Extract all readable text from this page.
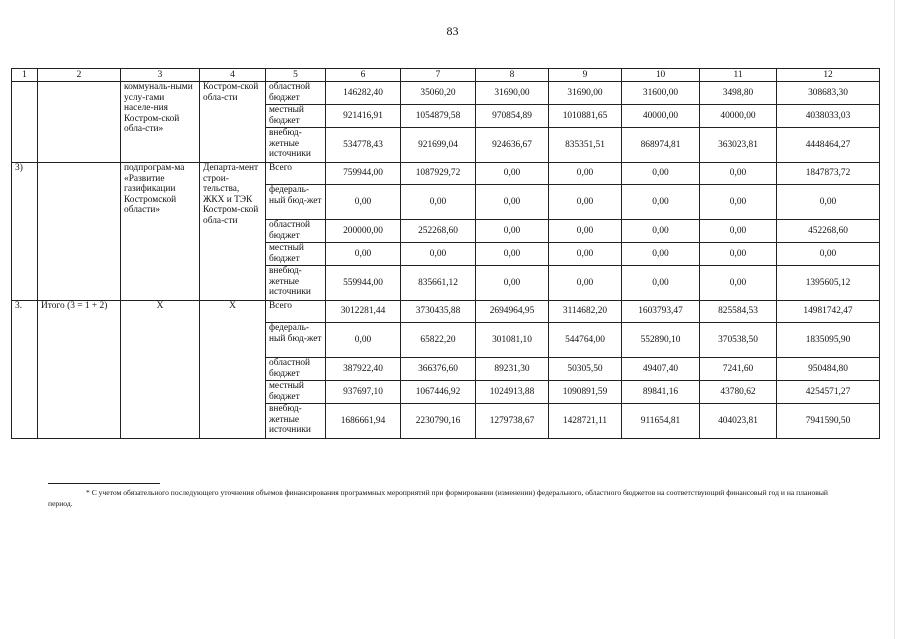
83
1	2	3	4	5	6	7	8	9	10	11	12
		коммуналь-ными услу-гами населе-ния Костром-ской обла-сти»	Костром-ской обла-сти	областной бюджет	146282,40	35060,20	31690,00	31690,00	31600,00	3498,80	308683,30
				местный бюджет	921416,91	1054879,58	970854,89	1010881,65	40000,00	40000,00	4038033,03
				внебюд-жетные источники	534778,43	921699,04	924636,67	835351,51	868974,81	363023,81	4448464,27
3)		подпрограм-ма «Развитие газификации Костромской области»	Департа-мент строи-тельства, ЖКХ и ТЭК Костром-ской обла-сти	Всего	759944,00	1087929,72	0,00	0,00	0,00	0,00	1847873,72
				федераль-ный бюд-жет	0,00	0,00	0,00	0,00	0,00	0,00	0,00
				областной бюджет	200000,00	252268,60	0,00	0,00	0,00	0,00	452268,60
				местный бюджет	0,00	0,00	0,00	0,00	0,00	0,00	0,00
				внебюд-жетные источники	559944,00	835661,12	0,00	0,00	0,00	0,00	1395605,12
3.	Итого (3 = 1 + 2)	X	X	Всего	3012281,44	3730435,88	2694964,95	3114682,20	1603793,47	825584,53	14981742,47
				федераль-ный бюд-жет	0,00	65822,20	301081,10	544764,00	552890,10	370538,50	1835095,90
				областной бюджет	387922,40	366376,60	89231,30	50305,50	49407,40	7241,60	950484,80
				местный бюджет	937697,10	1067446,92	1024913,88	1090891,59	89841,16	43780,62	4254571,27
				внебюд-жетные источники	1686661,94	2230790,16	1279738,67	1428721,11	911654,81	404023,81	7941590,50
* С учетом обязательного последующего уточнения объемов финансирования программных мероприятий при формировании (изменении) федерального, областного бюджетов на соответствующий финансовый год и на плановый период.
